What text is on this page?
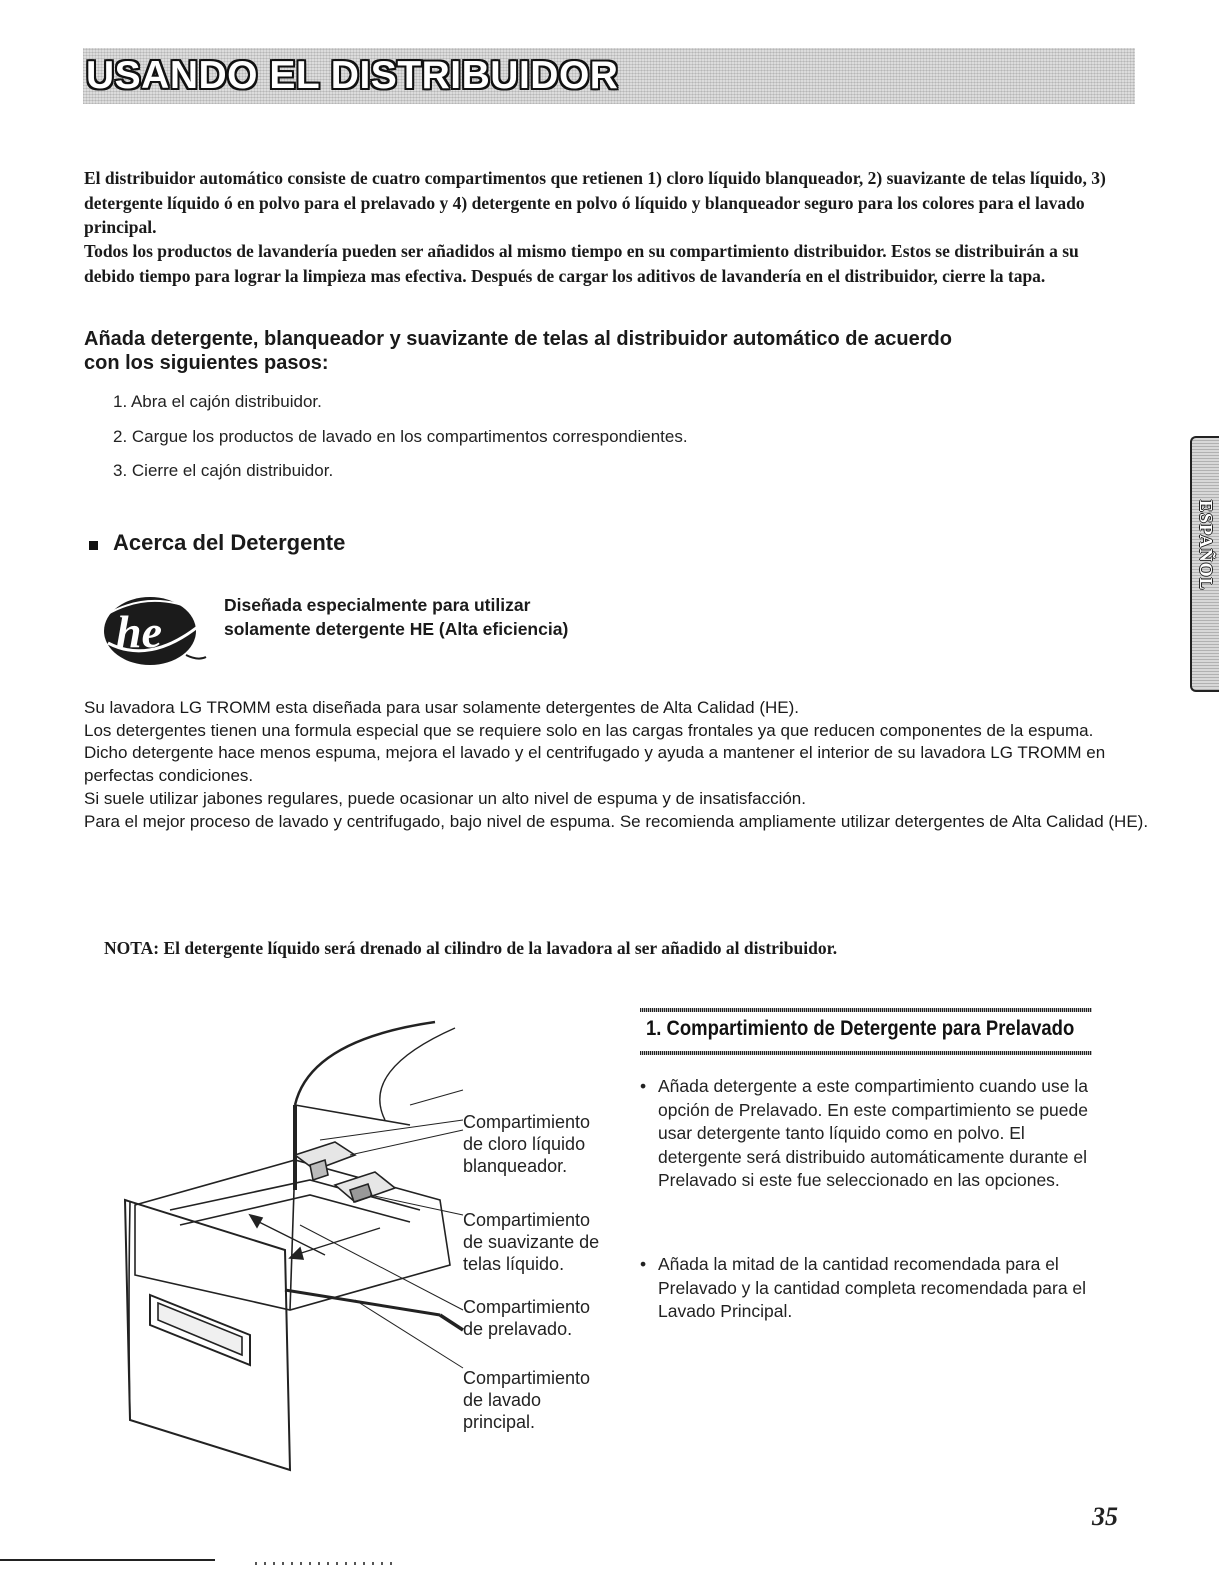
USANDO EL DISTRIBUIDOR
El distribuidor automático consiste de cuatro compartimentos que retienen 1) cloro líquido blanqueador, 2) suavizante de telas líquido, 3) detergente líquido ó en polvo para el prelavado y 4) detergente en polvo ó líquido y blanqueador seguro para los colores para el lavado principal.
Todos los productos de lavandería pueden ser añadidos al mismo tiempo en su compartimiento distribuidor. Estos se distribuirán a su debido tiempo para lograr la limpieza mas efectiva. Después de cargar los aditivos de lavandería en el distribuidor, cierre la tapa.
Añada detergente, blanqueador y suavizante de telas al distribuidor automático de acuerdo con los siguientes pasos:
1. Abra el cajón distribuidor.
2. Cargue los productos de lavado en los compartimentos correspondientes.
3. Cierre el cajón distribuidor.
Acerca del Detergente
he
Diseñada especialmente para utilizar
solamente detergente HE (Alta eficiencia)

Su lavadora LG TROMM esta diseñada para usar solamente detergentes de Alta Calidad (HE).

Los detergentes tienen una formula especial que se requiere solo en las cargas frontales ya que reducen componentes de la espuma.

Dicho detergente hace menos espuma, mejora el lavado y el centrifugado y ayuda a mantener el interior de su lavadora LG TROMM en perfectas condiciones.

Si suele utilizar jabones regulares, puede ocasionar un alto nivel de espuma y de insatisfacción.

Para el mejor proceso de lavado y centrifugado, bajo nivel de espuma. Se recomienda ampliamente utilizar detergentes de Alta Calidad (HE).

NOTA: El detergente líquido será drenado al cilindro de la lavadora al ser añadido al distribuidor.
Compartimiento
de cloro líquido
blanqueador.
Compartimiento
de suavizante de
telas líquido.
Compartimiento
de prelavado.
Compartimiento
de lavado
principal.
1. Compartimiento de Detergente para Prelavado
• Añada detergente a este compartimiento cuando use la opción de Prelavado. En este compartimiento se puede usar detergente tanto líquido como en polvo. El detergente será distribuido automáticamente durante el Prelavado si este fue seleccionado en las opciones.
• Añada la mitad de la cantidad recomendada para el Prelavado y la cantidad completa recomendada para el Lavado Principal.
ESPAÑOL
35
